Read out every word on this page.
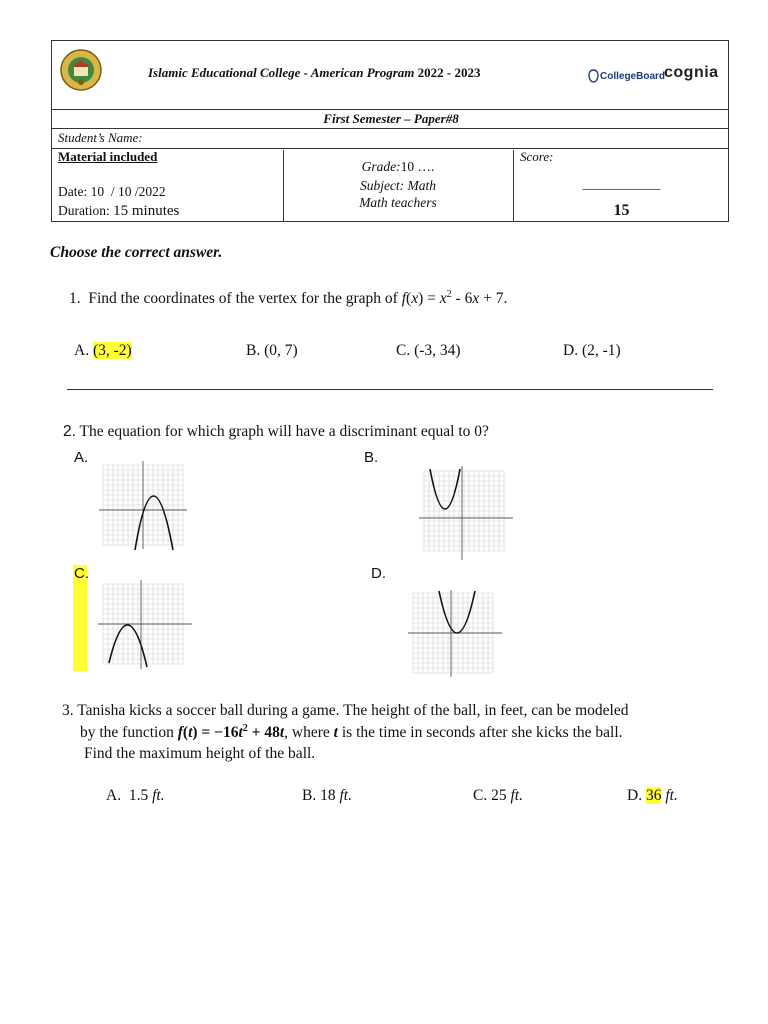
Islamic Educational College - American Program 2022 - 2023	CollegeBoard
cognia
First Semester – Paper#8
Student’s Name:
Material included
Date: 10  / 10 /2022
Duration: 15 minutes
Grade:10 ….
Subject: Math
Math teachers
Score:
____________
15
Choose the correct answer.
1. Find the coordinates of the vertex for the graph of $f(x) = x^2 - 6x + 7$.
A. (3, -2)	B. (0, 7)	C. (-3, 34)	D. (2, -1)
2. The equation for which graph will have a discriminant equal to 0?
A.	B.
C.	D.
3. Tanisha kicks a soccer ball during a game. The height of the ball, in feet, can be modeled
by the function $f(t) = -16t^2 + 48t$, where t is the time in seconds after she kicks the ball.
Find the maximum height of the ball.
A. 1.5 ft.	B. 18 ft.	C. 25 ft.	D. 36 ft.
